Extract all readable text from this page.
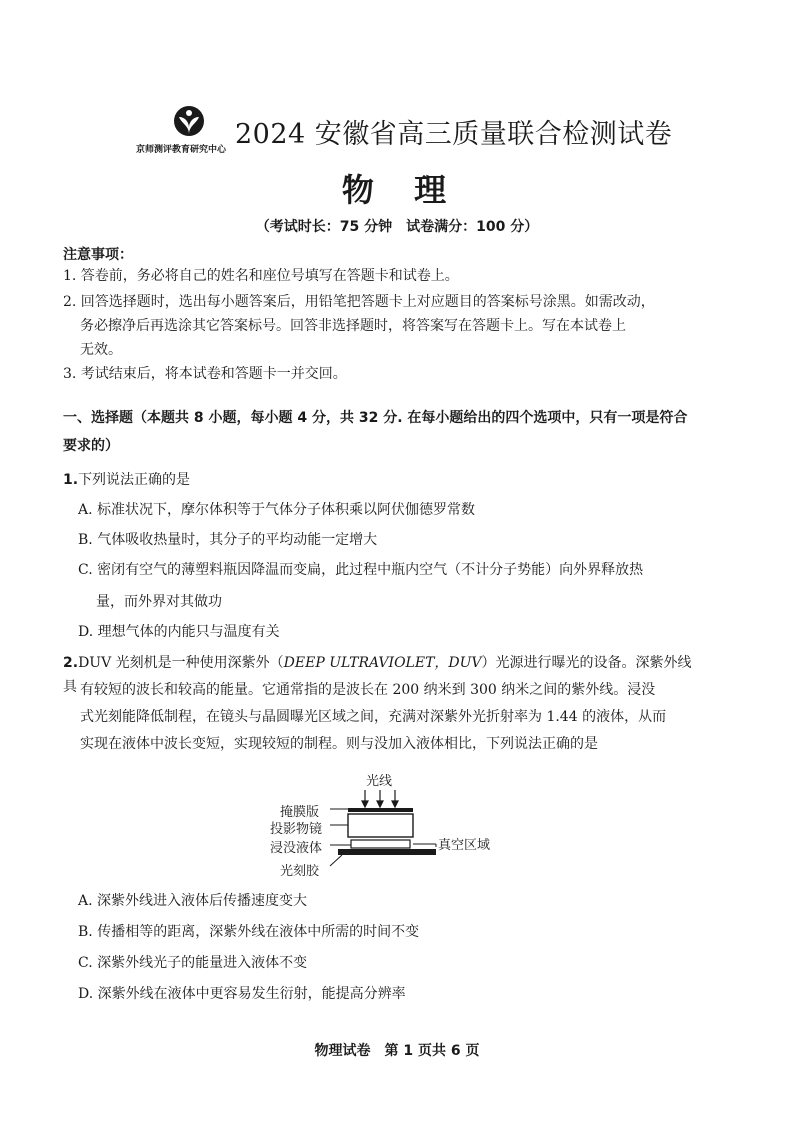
京师测评教育研究中心 2024 安徽省高三质量联合检测试卷
物 理
（考试时长：75 分钟　试卷满分：100 分）
注意事项：
1. 答卷前，务必将自己的姓名和座位号填写在答题卡和试卷上。
2. 回答选择题时，选出每小题答案后，用铅笔把答题卡上对应题目的答案标号涂黑。如需改动，
务必擦净后再选涂其它答案标号。回答非选择题时，将答案写在答题卡上。写在本试卷上
无效。
3. 考试结束后，将本试卷和答题卡一并交回。
一、选择题（本题共 8 小题，每小题 4 分，共 32 分. 在每小题给出的四个选项中，只有一项是符合
要求的）
1.下列说法正确的是
A. 标准状况下，摩尔体积等于气体分子体积乘以阿伏伽德罗常数
B. 气体吸收热量时，其分子的平均动能一定增大
C. 密闭有空气的薄塑料瓶因降温而变扁，此过程中瓶内空气（不计分子势能）向外界释放热
量，而外界对其做功
D. 理想气体的内能只与温度有关
2.DUV 光刻机是一种使用深紫外（DEEP ULTRAVIOLET，DUV）光源进行曝光的设备。深紫外线具 有较短的波长和较高的能量。它通常指的是波长在 200 纳米到 300 纳米之间的紫外线。浸没
式光刻能降低制程，在镜头与晶圆曝光区域之间，充满对深紫外光折射率为 1.44 的液体，从而
实现在液体中波长变短，实现较短的制程。则与没加入液体相比，下列说法正确的是
光线
掩膜版
投影物镜
浸没液体	真空区域
光刻胶
A. 深紫外线进入液体后传播速度变大
B. 传播相等的距离，深紫外线在液体中所需的时间不变
C. 深紫外线光子的能量进入液体不变
D. 深紫外线在液体中更容易发生衍射，能提高分辨率
物理试卷　第 1 页共 6 页
